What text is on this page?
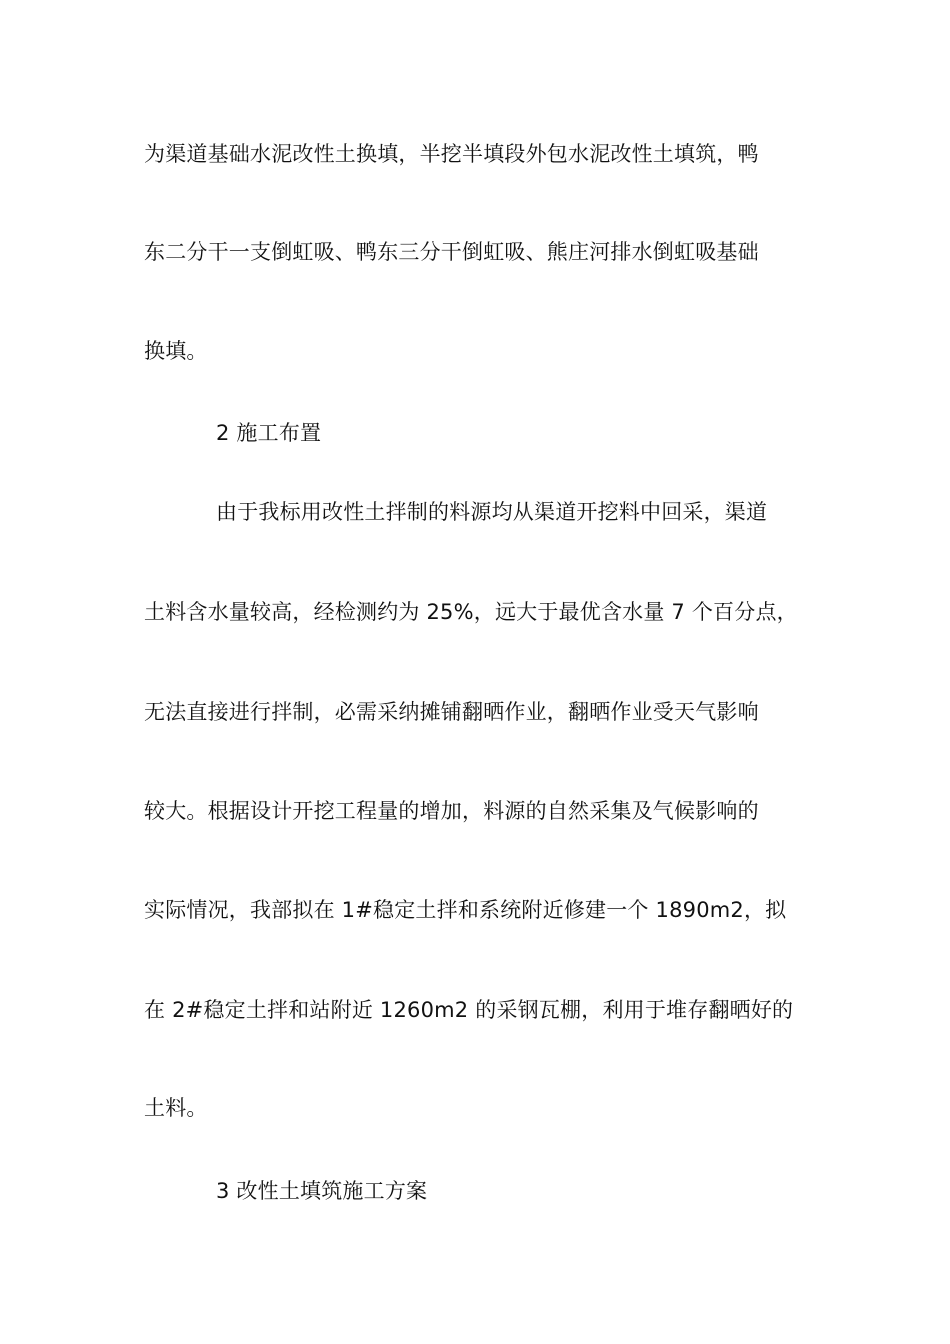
为渠道基础水泥改性土换填，半挖半填段外包水泥改性土填筑，鸭
东二分干一支倒虹吸、鸭东三分干倒虹吸、熊庄河排水倒虹吸基础
换填。
2 施工布置
由于我标用改性土拌制的料源均从渠道开挖料中回采，渠道
土料含水量较高，经检测约为 25%，远大于最优含水量 7 个百分点，
无法直接进行拌制，必需采纳摊铺翻晒作业，翻晒作业受天气影响
较大。根据设计开挖工程量的增加，料源的自然采集及气候影响的
实际情况，我部拟在 1#稳定土拌和系统附近修建一个 1890m2，拟
在 2#稳定土拌和站附近 1260m2 的采钢瓦棚，利用于堆存翻晒好的
土料。
3 改性土填筑施工方案
